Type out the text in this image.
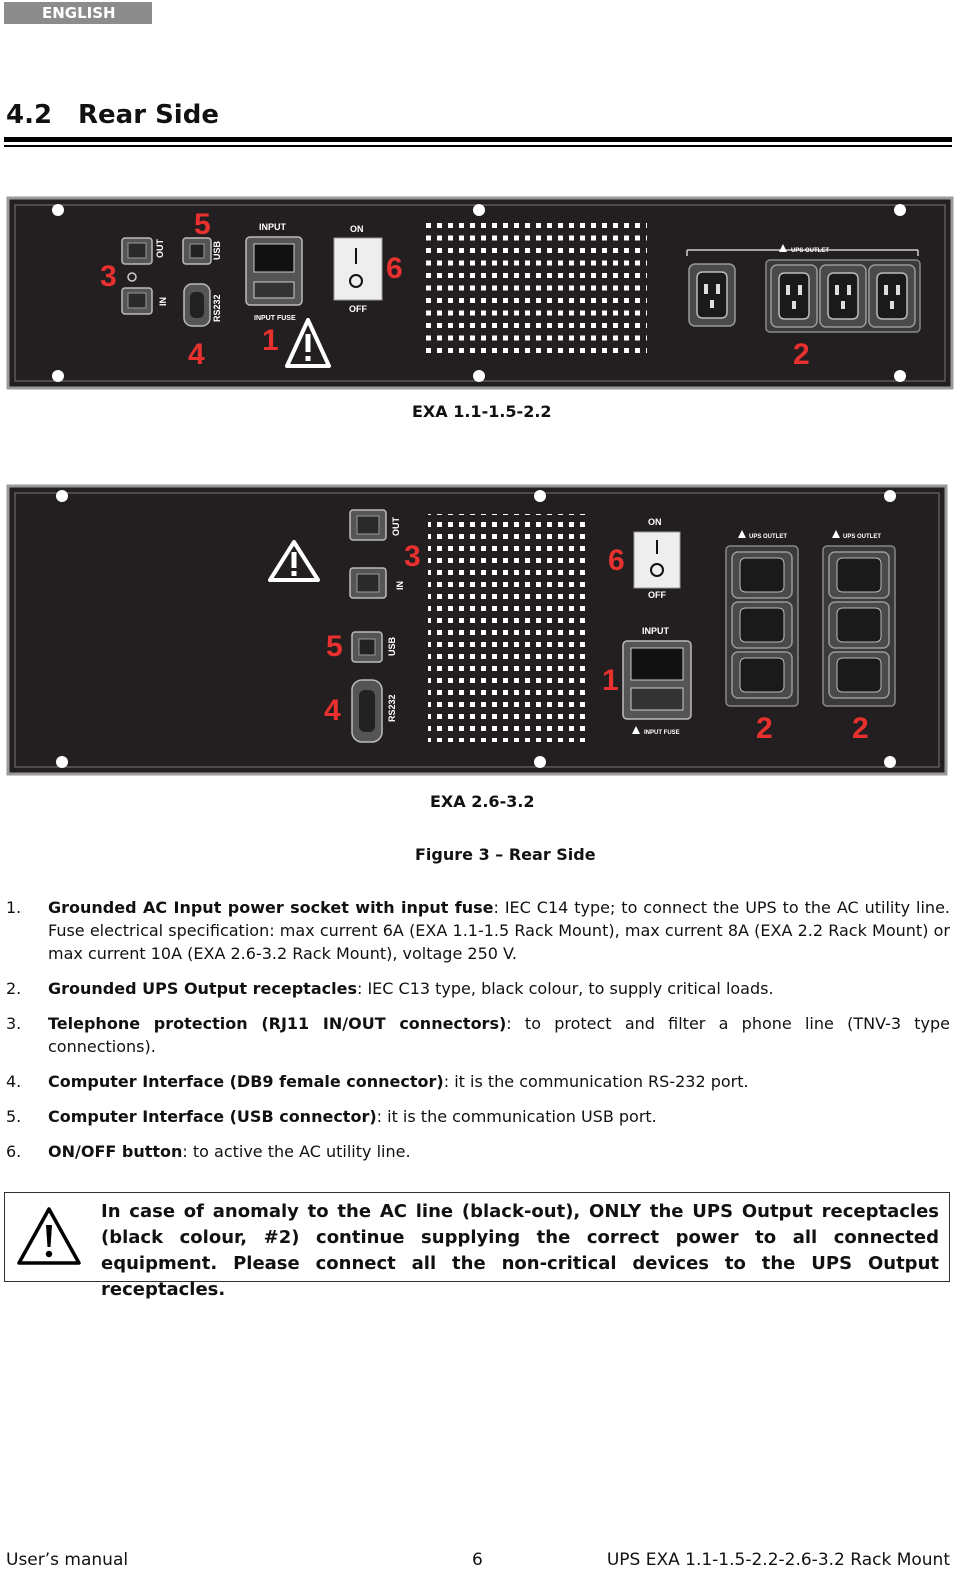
ENGLISH
4.2 Rear Side
OUT
IN
USB
RS232
INPUT
INPUT FUSE
ON
OFF
UPS OUTLET
5
3	6
4 1	2
EXA 1.1-1.5-2.2
OUT
IN
USB
RS232
ON
OFF
INPUT
INPUT FUSE
UPS OUTLET	UPS OUTLET
3	6
5
1
4
2	2
EXA 2.6-3.2
Figure 3 – Rear Side
1.	Grounded AC Input power socket with input fuse: IEC C14 type; to connect the UPS to the AC utility line. Fuse electrical specification: max current 6A (EXA 1.1-1.5 Rack Mount), max current 8A (EXA 2.2 Rack Mount) or max current 10A (EXA 2.6-3.2 Rack Mount), voltage 250 V.
2.	Grounded UPS Output receptacles: IEC C13 type, black colour, to supply critical loads.
3.	Telephone protection (RJ11 IN/OUT connectors): to protect and filter a phone line (TNV-3 type connections).
4.	Computer Interface (DB9 female connector): it is the communication RS-232 port.
5.	Computer Interface (USB connector): it is the communication USB port.
6.	ON/OFF button: to active the AC utility line.
In case of anomaly to the AC line (black-out), ONLY the UPS Output receptacles (black colour, #2) continue supplying the correct power to all connected equipment. Please connect all the non-critical devices to the UPS Output receptacles.
User’s manual	6	UPS EXA 1.1-1.5-2.2-2.6-3.2 Rack Mount
